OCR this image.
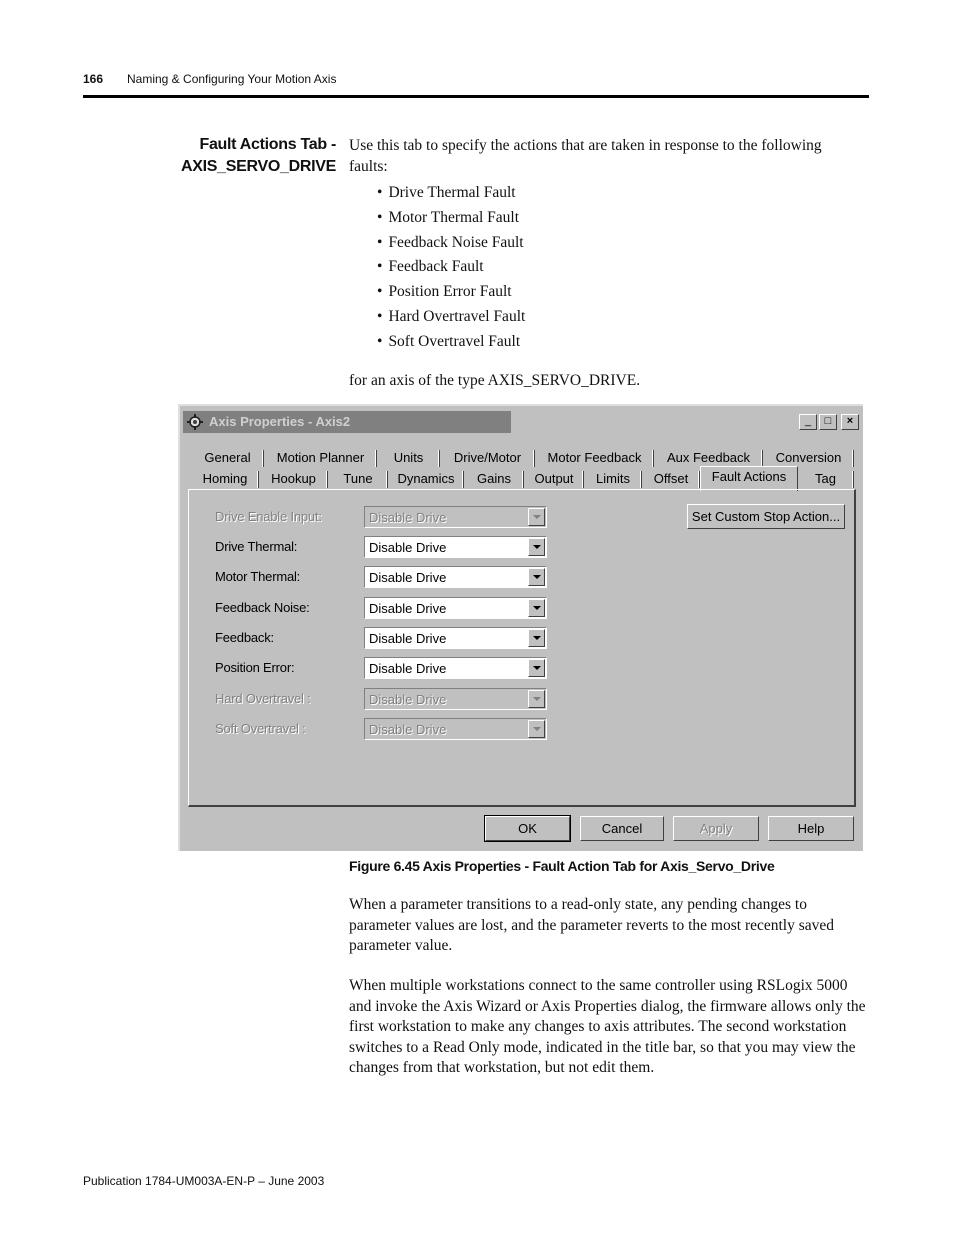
166 Naming & Configuring Your Motion Axis
Fault Actions Tab -
AXIS_SERVO_DRIVE
Use this tab to specify the actions that are taken in response to the following faults:
• Drive Thermal Fault
• Motor Thermal Fault
• Feedback Noise Fault
• Feedback Fault
• Position Error Fault
• Hard Overtravel Fault
• Soft Overtravel Fault
for an axis of the type AXIS_SERVO_DRIVE.
Axis Properties - Axis2	_	□	×
General	Motion Planner	Units	Drive/Motor	Motor Feedback	Aux Feedback	Conversion
Homing	Hookup	Tune	Dynamics	Gains	Output	Limits	Offset	Fault Actions	Tag
Drive Enable Input:	Disable Drive
Drive Thermal:	Disable Drive
Motor Thermal:	Disable Drive
Feedback Noise:	Disable Drive
Feedback:	Disable Drive
Position Error:	Disable Drive
Hard Overtravel :	Disable Drive
Soft Overtravel :	Disable Drive
Set Custom Stop Action...
OK	Cancel	Apply	Help
Figure 6.45 Axis Properties - Fault Action Tab for Axis_Servo_Drive
When a parameter transitions to a read-only state, any pending changes to parameter values are lost, and the parameter reverts to the most recently saved parameter value.
When multiple workstations connect to the same controller using RSLogix 5000 and invoke the Axis Wizard or Axis Properties dialog, the firmware allows only the first workstation to make any changes to axis attributes. The second workstation switches to a Read Only mode, indicated in the title bar, so that you may view the changes from that workstation, but not edit them.
Publication 1784-UM003A-EN-P – June 2003
